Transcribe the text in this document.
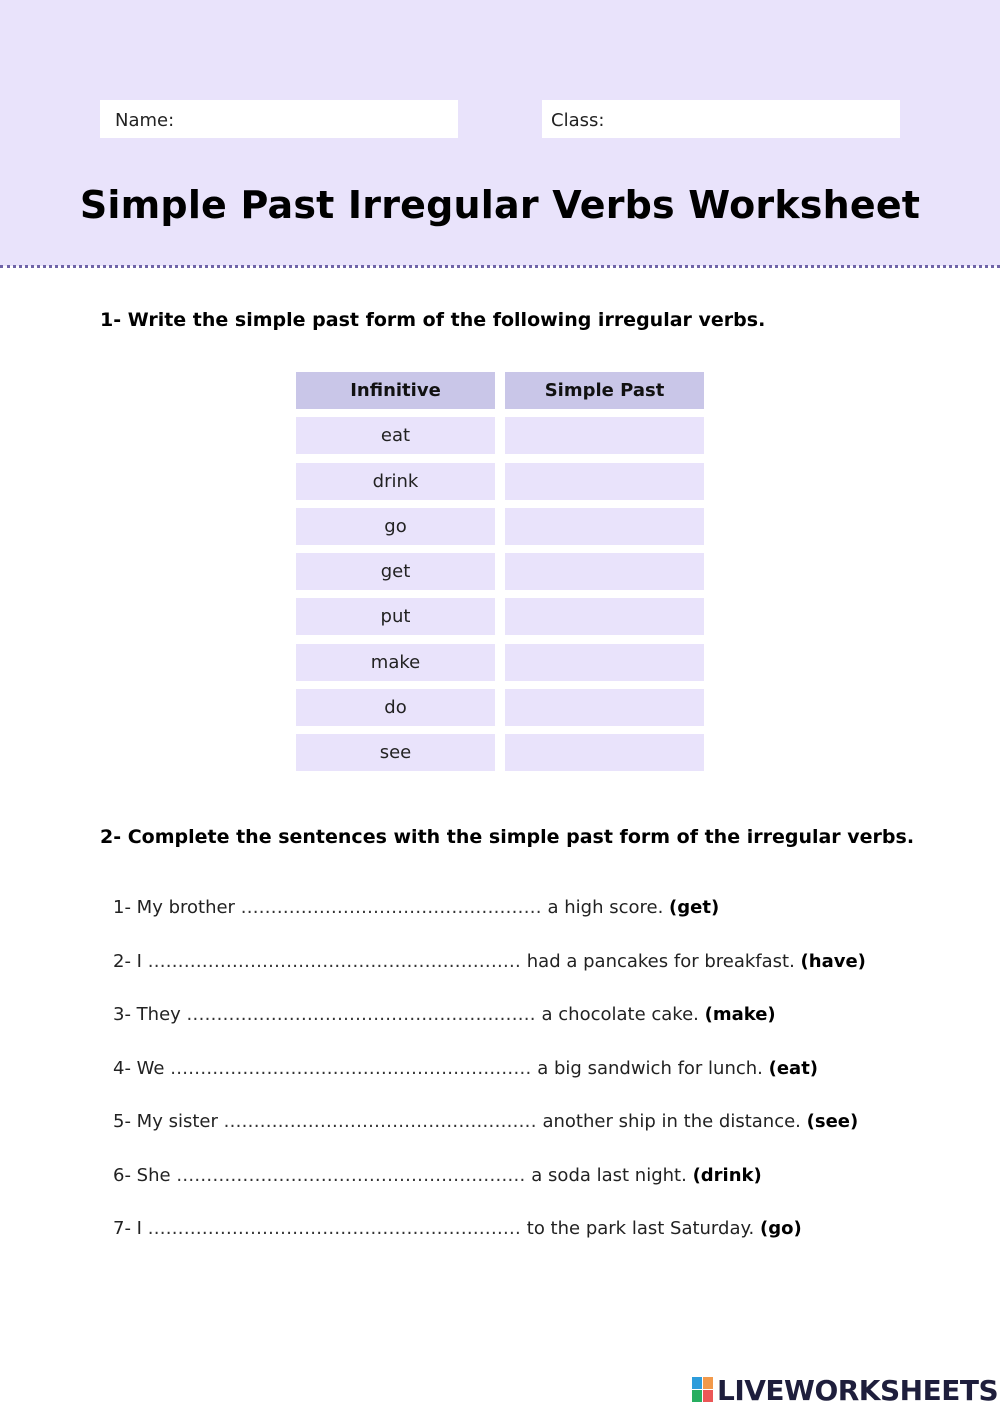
Name:	Class:
Simple Past Irregular Verbs Worksheet
1- Write the simple past form of the following irregular verbs.
Infinitive	Simple Past
eat
drink
go
get
put
make
do
see
2- Complete the sentences with the simple past form of the irregular verbs.
1- My brother .................................................. a high score. (get)
2- I .............................................................. had a pancakes for breakfast. (have)
3- They .......................................................... a chocolate cake. (make)
4- We ............................................................ a big sandwich for lunch. (eat)
5- My sister .................................................... another ship in the distance. (see)
6- She .......................................................... a soda last night. (drink)
7- I .............................................................. to the park last Saturday. (go)
LIVEWORKSHEETS
